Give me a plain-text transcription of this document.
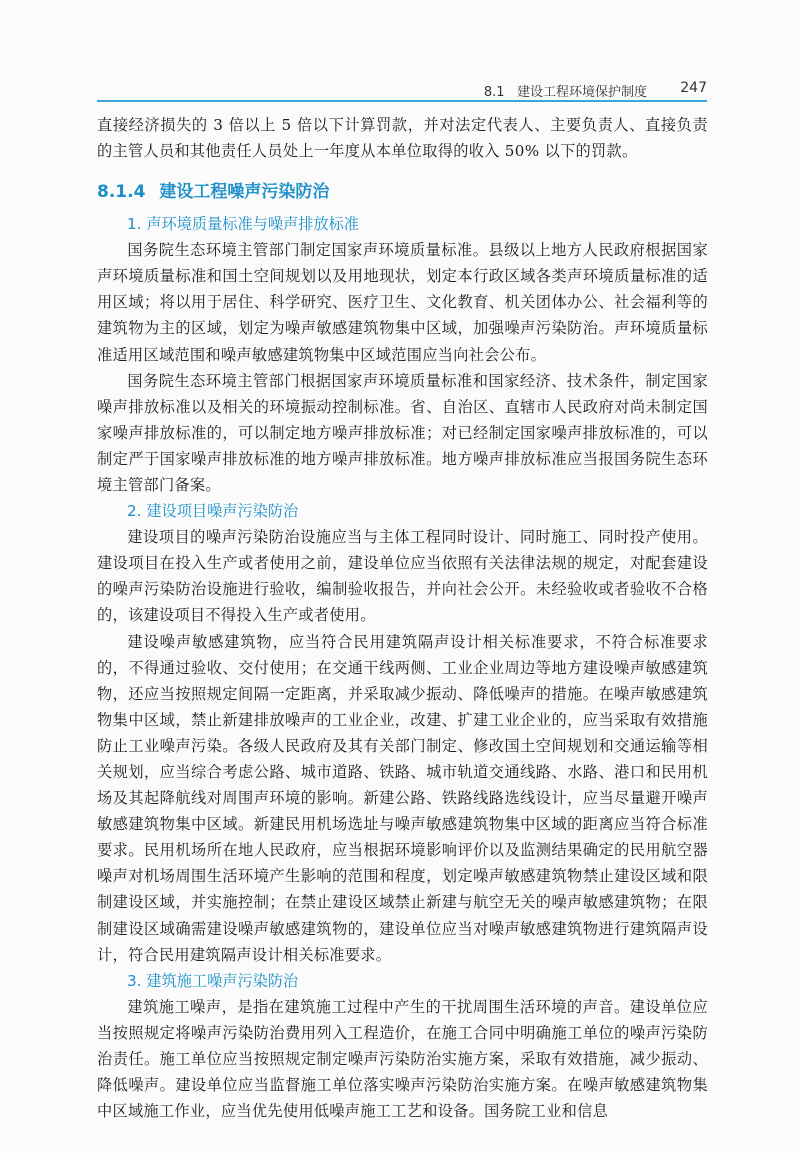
8.1 建设工程环境保护制度 247

直接经济损失的 3 倍以上 5 倍以下计算罚款，并对法定代表人、主要负责人、直接负责的主管人员和其他责任人员处上一年度从本单位取得的收入 50% 以下的罚款。

8.1.4 建设工程噪声污染防治
1. 声环境质量标准与噪声排放标准

国务院生态环境主管部门制定国家声环境质量标准。县级以上地方人民政府根据国家声环境质量标准和国土空间规划以及用地现状，划定本行政区域各类声环境质量标准的适用区域；将以用于居住、科学研究、医疗卫生、文化教育、机关团体办公、社会福利等的建筑物为主的区域，划定为噪声敏感建筑物集中区域，加强噪声污染防治。声环境质量标准适用区域范围和噪声敏感建筑物集中区域范围应当向社会公布。

国务院生态环境主管部门根据国家声环境质量标准和国家经济、技术条件，制定国家噪声排放标准以及相关的环境振动控制标准。省、自治区、直辖市人民政府对尚未制定国家噪声排放标准的，可以制定地方噪声排放标准；对已经制定国家噪声排放标准的，可以制定严于国家噪声排放标准的地方噪声排放标准。地方噪声排放标准应当报国务院生态环境主管部门备案。

2. 建设项目噪声污染防治

建设项目的噪声污染防治设施应当与主体工程同时设计、同时施工、同时投产使用。建设项目在投入生产或者使用之前，建设单位应当依照有关法律法规的规定，对配套建设的噪声污染防治设施进行验收，编制验收报告，并向社会公开。未经验收或者验收不合格的，该建设项目不得投入生产或者使用。

建设噪声敏感建筑物，应当符合民用建筑隔声设计相关标准要求，不符合标准要求的，不得通过验收、交付使用；在交通干线两侧、工业企业周边等地方建设噪声敏感建筑物，还应当按照规定间隔一定距离，并采取减少振动、降低噪声的措施。在噪声敏感建筑物集中区域，禁止新建排放噪声的工业企业，改建、扩建工业企业的，应当采取有效措施防止工业噪声污染。各级人民政府及其有关部门制定、修改国土空间规划和交通运输等相关规划，应当综合考虑公路、城市道路、铁路、城市轨道交通线路、水路、港口和民用机场及其起降航线对周围声环境的影响。新建公路、铁路线路选线设计，应当尽量避开噪声敏感建筑物集中区域。新建民用机场选址与噪声敏感建筑物集中区域的距离应当符合标准要求。民用机场所在地人民政府，应当根据环境影响评价以及监测结果确定的民用航空器噪声对机场周围生活环境产生影响的范围和程度，划定噪声敏感建筑物禁止建设区域和限制建设区域，并实施控制；在禁止建设区域禁止新建与航空无关的噪声敏感建筑物；在限制建设区域确需建设噪声敏感建筑物的，建设单位应当对噪声敏感建筑物进行建筑隔声设计，符合民用建筑隔声设计相关标准要求。

3. 建筑施工噪声污染防治

建筑施工噪声，是指在建筑施工过程中产生的干扰周围生活环境的声音。建设单位应当按照规定将噪声污染防治费用列入工程造价，在施工合同中明确施工单位的噪声污染防治责任。施工单位应当按照规定制定噪声污染防治实施方案，采取有效措施，减少振动、降低噪声。建设单位应当监督施工单位落实噪声污染防治实施方案。在噪声敏感建筑物集中区域施工作业，应当优先使用低噪声施工工艺和设备。国务院工业和信息
